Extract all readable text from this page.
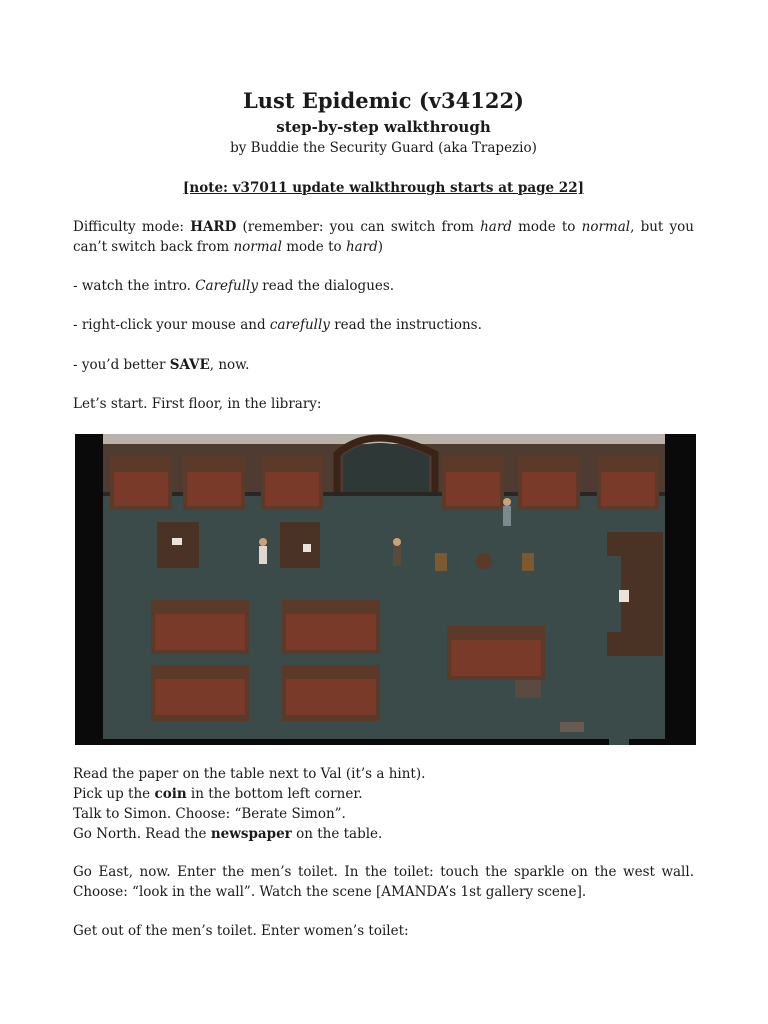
Lust Epidemic (v34122)
step-by-step walkthrough
by Buddie the Security Guard (aka Trapezio)
[note: v37011 update walkthrough starts at page 22]
Difficulty mode: HARD (remember: you can switch from hard mode to normal, but you can’t switch back from normal mode to hard)
- watch the intro. Carefully read the dialogues.
- right-click your mouse and carefully read the instructions.
- you’d better SAVE, now.
Let’s start. First floor, in the library:
Read the paper on the table next to Val (it’s a hint).
Pick up the coin in the bottom left corner.
Talk to Simon. Choose: “Berate Simon”.
Go North. Read the newspaper on the table.
Go East, now. Enter the men’s toilet. In the toilet: touch the sparkle on the west wall. Choose: “look in the wall”. Watch the scene [AMANDA’s 1st gallery scene].
Get out of the men’s toilet. Enter women’s toilet:
